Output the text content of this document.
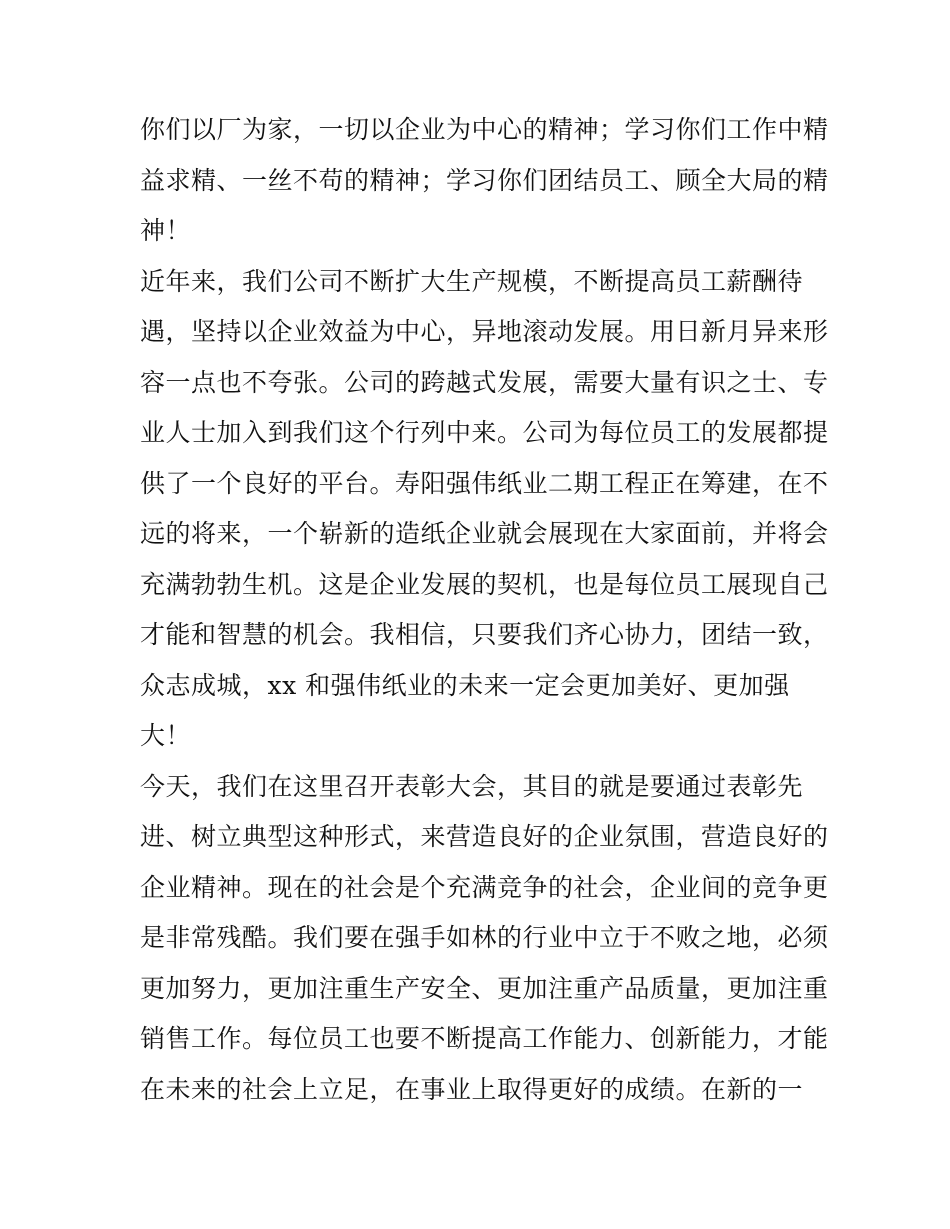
你们以厂为家，一切以企业为中心的精神；学习你们工作中精
益求精、一丝不苟的精神；学习你们团结员工、顾全大局的精
神！
近年来，我们公司不断扩大生产规模，不断提高员工薪酬待
遇，坚持以企业效益为中心，异地滚动发展。用日新月异来形
容一点也不夸张。公司的跨越式发展，需要大量有识之士、专
业人士加入到我们这个行列中来。公司为每位员工的发展都提
供了一个良好的平台。寿阳强伟纸业二期工程正在筹建，在不
远的将来，一个崭新的造纸企业就会展现在大家面前，并将会
充满勃勃生机。这是企业发展的契机，也是每位员工展现自己
才能和智慧的机会。我相信，只要我们齐心协力，团结一致，
众志成城，xx 和强伟纸业的未来一定会更加美好、更加强
大！
今天，我们在这里召开表彰大会，其目的就是要通过表彰先
进、树立典型这种形式，来营造良好的企业氛围，营造良好的
企业精神。现在的社会是个充满竞争的社会，企业间的竞争更
是非常残酷。我们要在强手如林的行业中立于不败之地，必须
更加努力，更加注重生产安全、更加注重产品质量，更加注重
销售工作。每位员工也要不断提高工作能力、创新能力，才能
在未来的社会上立足，在事业上取得更好的成绩。在新的一
